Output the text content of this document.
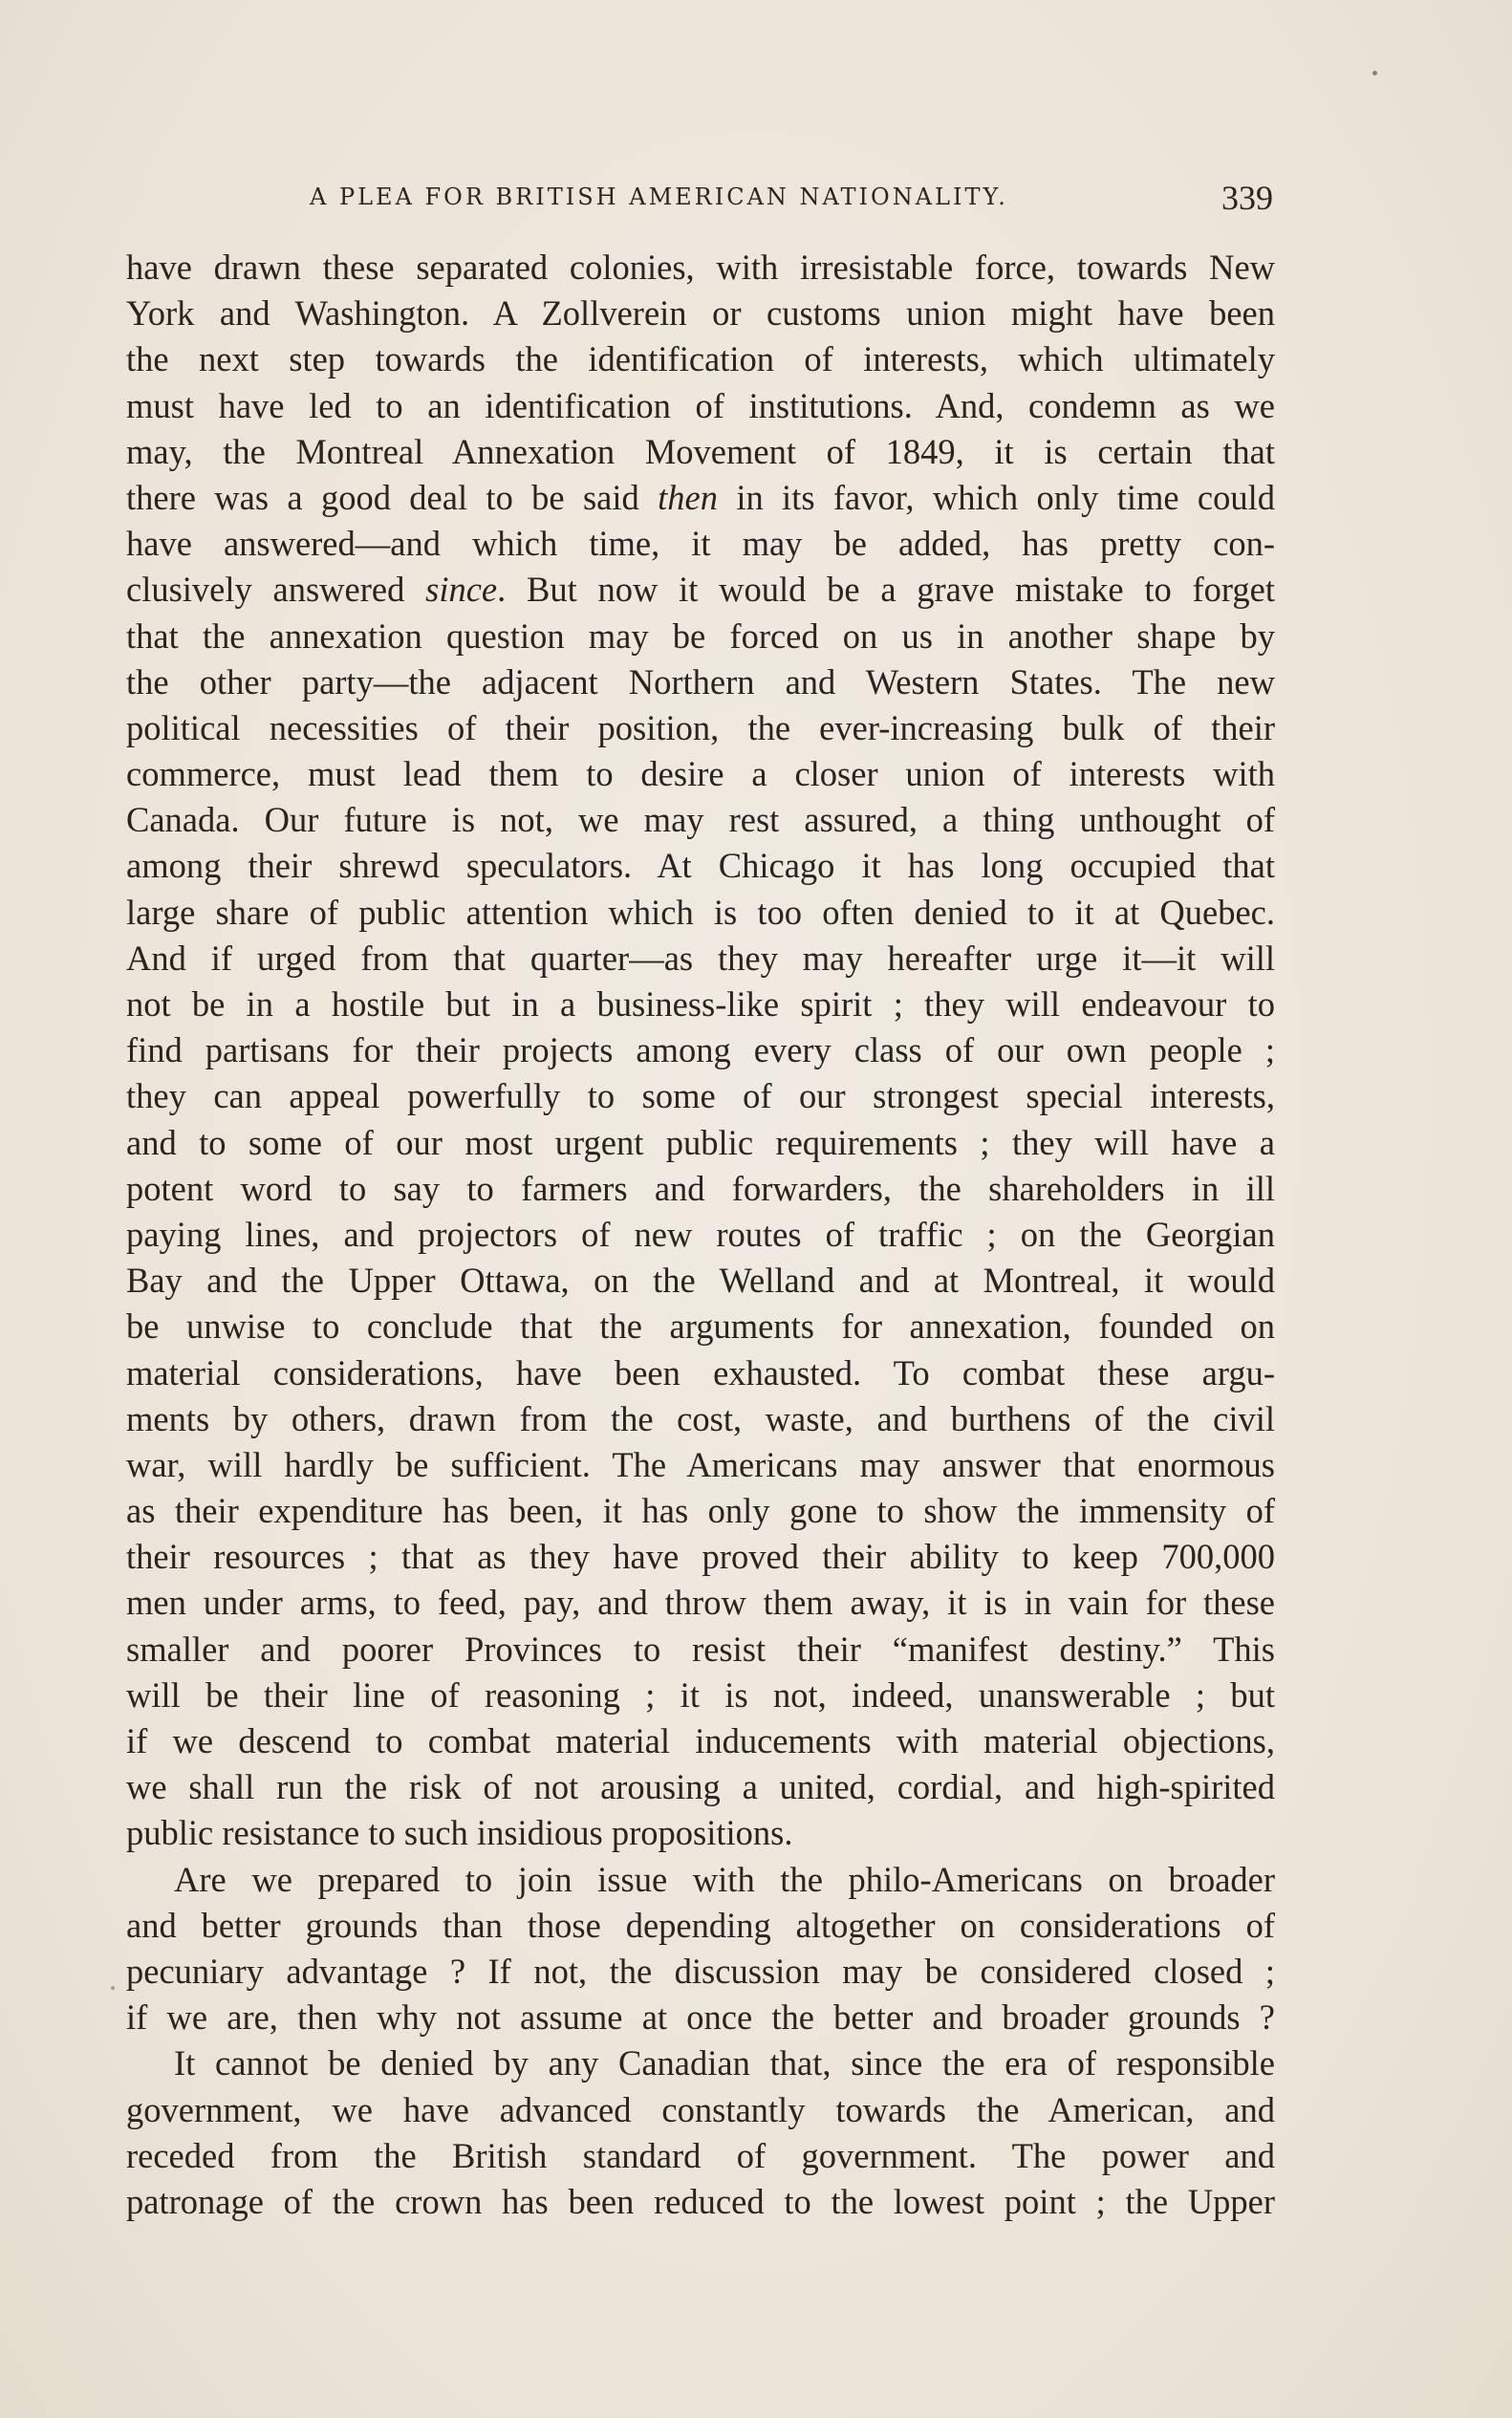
A PLEA FOR BRITISH AMERICAN NATIONALITY.	339
have drawn these separated colonies, with irresistable force, towards New
York and Washington. A Zollverein or customs union might have been
the next step towards the identification of interests, which ultimately
must have led to an identification of institutions. And, condemn as we
may, the Montreal Annexation Movement of 1849, it is certain that
there was a good deal to be said then in its favor, which only time could
have answered—and which time, it may be added, has pretty con-
clusively answered since. But now it would be a grave mistake to forget
that the annexation question may be forced on us in another shape by
the other party—the adjacent Northern and Western States. The new
political necessities of their position, the ever-increasing bulk of their
commerce, must lead them to desire a closer union of interests with
Canada. Our future is not, we may rest assured, a thing unthought of
among their shrewd speculators. At Chicago it has long occupied that
large share of public attention which is too often denied to it at Quebec.
And if urged from that quarter—as they may hereafter urge it—it will
not be in a hostile but in a business-like spirit ; they will endeavour to
find partisans for their projects among every class of our own people ;
they can appeal powerfully to some of our strongest special interests,
and to some of our most urgent public requirements ; they will have a
potent word to say to farmers and forwarders, the shareholders in ill
paying lines, and projectors of new routes of traffic ; on the Georgian
Bay and the Upper Ottawa, on the Welland and at Montreal, it would
be unwise to conclude that the arguments for annexation, founded on
material considerations, have been exhausted. To combat these argu-
ments by others, drawn from the cost, waste, and burthens of the civil
war, will hardly be sufficient. The Americans may answer that enormous
as their expenditure has been, it has only gone to show the immensity of
their resources ; that as they have proved their ability to keep 700,000
men under arms, to feed, pay, and throw them away, it is in vain for these
smaller and poorer Provinces to resist their “manifest destiny.” This
will be their line of reasoning ; it is not, indeed, unanswerable ; but
if we descend to combat material inducements with material objections,
we shall run the risk of not arousing a united, cordial, and high-spirited
public resistance to such insidious propositions.
Are we prepared to join issue with the philo-Americans on broader
and better grounds than those depending altogether on considerations of
pecuniary advantage ? If not, the discussion may be considered closed ;
if we are, then why not assume at once the better and broader grounds ?
It cannot be denied by any Canadian that, since the era of responsible
government, we have advanced constantly towards the American, and
receded from the British standard of government. The power and
patronage of the crown has been reduced to the lowest point ; the Upper
